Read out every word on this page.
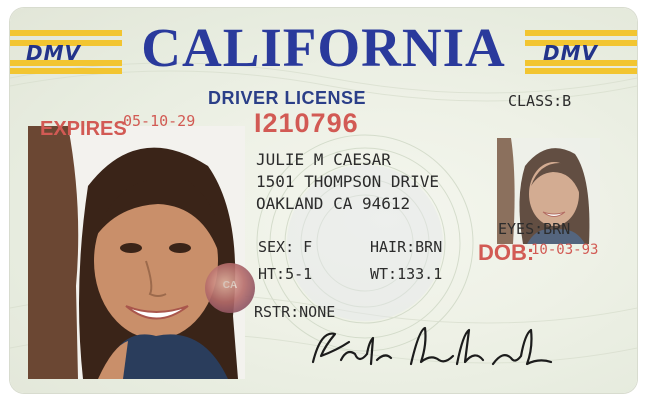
DMV	DMV
CALIFORNIA
DRIVER LICENSE	CLASS:B
EXPIRES
05-10-29 I210796
JULIE M CAESAR
1501 THOMPSON DRIVE
OAKLAND CA 94612
SEX: F	HAIR:BRN
HT:5-1	WT:133.1
RSTR:NONE
CA
EYES:BRN
DOB:
10-03-93
